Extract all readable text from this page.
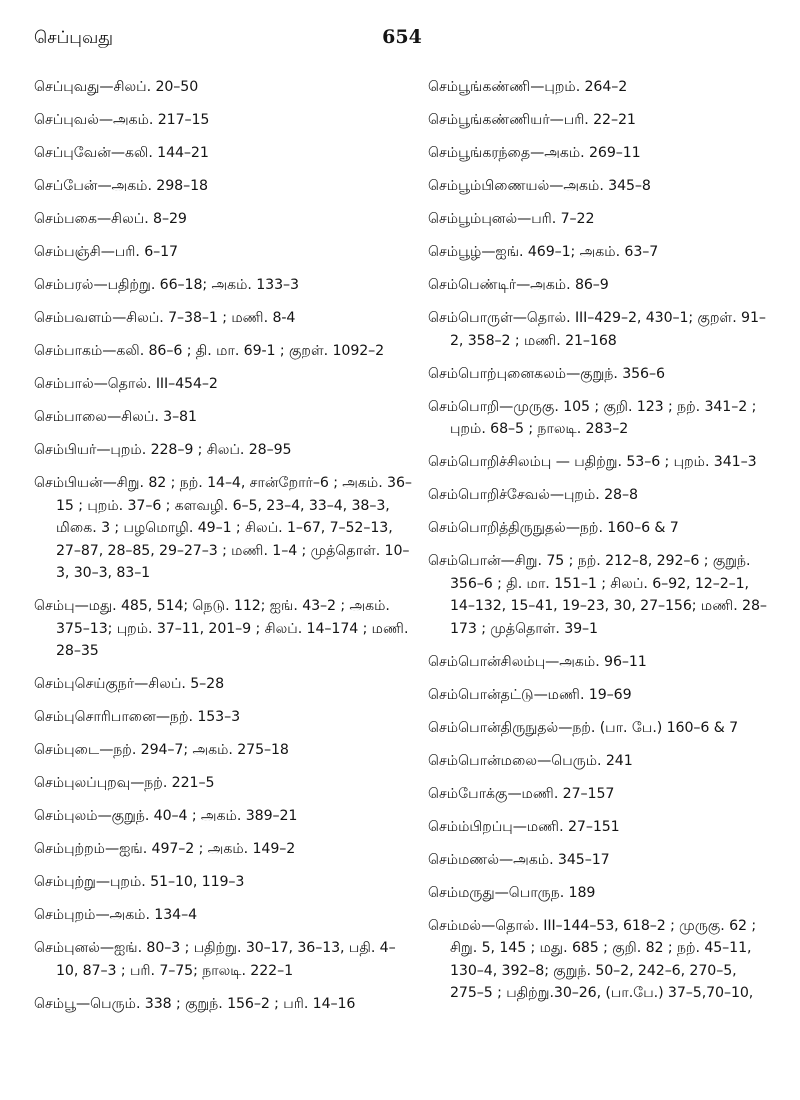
செப்புவது	654

செப்புவது—சிலப். 20–50

செப்புவல்—அகம். 217–15

செப்புவேன்—கலி. 144–21

செப்பேன்—அகம். 298–18

செம்பகை—சிலப். 8–29

செம்பஞ்சி—பரி. 6–17

செம்பரல்—பதிற்று. 66–18; அகம். 133–3

செம்பவளம்—சிலப். 7–38–1 ; மணி. 8-4

செம்பாகம்—கலி. 86–6 ; தி. மா. 69-1 ; குறள். 1092–2

செம்பால்—தொல். III–454–2

செம்பாலை—சிலப். 3–81

செம்பியர்—புறம். 228–9 ; சிலப். 28–95

செம்பியன்—சிறு. 82 ; நற். 14–4, சான்றோர்–6 ; அகம். 36–15 ; புறம். 37–6 ; களவழி. 6–5, 23–4, 33–4, 38–3, மிகை. 3 ; பழமொழி. 49–1 ; சிலப். 1–67, 7–52–13, 27–87, 28–85, 29–27–3 ; மணி. 1–4 ; முத்தொள். 10–3, 30–3, 83–1

செம்பு—மது. 485, 514; நெடு. 112; ஐங். 43–2 ; அகம். 375–13; புறம். 37–11, 201–9 ; சிலப். 14–174 ; மணி. 28–35

செம்புசெய்குநர்—சிலப். 5–28

செம்புசொரிபானை—நற். 153–3

செம்புடை—நற். 294–7; அகம். 275–18

செம்புலப்புறவு—நற். 221–5

செம்புலம்—குறுந். 40–4 ; அகம். 389–21

செம்புற்றம்—ஐங். 497–2 ; அகம். 149–2

செம்புற்று—புறம். 51–10, 119–3

செம்புறம்—அகம். 134–4

செம்புனல்—ஐங். 80–3 ; பதிற்று. 30–17, 36–13, பதி. 4–10, 87–3 ; பரி. 7–75; நாலடி. 222–1

செம்பூ—பெரும். 338 ; குறுந். 156–2 ; பரி. 14–16

செம்பூங்கண்ணி—புறம். 264–2

செம்பூங்கண்ணியர்—பரி. 22–21

செம்பூங்கரந்தை—அகம். 269–11

செம்பூம்பிணையல்—அகம். 345–8

செம்பூம்புனல்—பரி. 7–22

செம்பூழ்—ஐங். 469–1; அகம். 63–7

செம்பெண்டிர்—அகம். 86–9

செம்பொருள்—தொல். III–429–2, 430–1; குறள். 91–2, 358–2 ; மணி. 21–168

செம்பொற்புனைகலம்—குறுந். 356–6

செம்பொறி—முருகு. 105 ; குறி. 123 ; நற். 341–2 ; புறம். 68–5 ; நாலடி. 283–2

செம்பொறிச்சிலம்பு — பதிற்று. 53–6 ; புறம். 341–3

செம்பொறிச்சேவல்—புறம். 28–8

செம்பொறித்திருநுதல்—நற். 160–6 & 7

செம்பொன்—சிறு. 75 ; நற். 212–8, 292–6 ; குறுந். 356–6 ; தி. மா. 151–1 ; சிலப். 6–92, 12–2–1, 14–132, 15–41, 19–23, 30, 27–156; மணி. 28–173 ; முத்தொள். 39–1

செம்பொன்சிலம்பு—அகம். 96–11

செம்பொன்தட்டு—மணி. 19–69

செம்பொன்திருநுதல்—நற். (பா. பே.) 160–6 & 7

செம்பொன்மலை—பெரும். 241

செம்போக்கு—மணி. 27–157

செம்ம்பிறப்பு—மணி. 27–151

செம்மணல்—அகம். 345–17

செம்மருது—பொருந. 189

செம்மல்—தொல். III–144–53, 618–2 ; முருகு. 62 ; சிறு. 5, 145 ; மது. 685 ; குறி. 82 ; நற். 45–11, 130–4, 392–8; குறுந். 50–2, 242–6, 270–5, 275–5 ; பதிற்று.30–26, (பா.பே.) 37–5,70–10,
